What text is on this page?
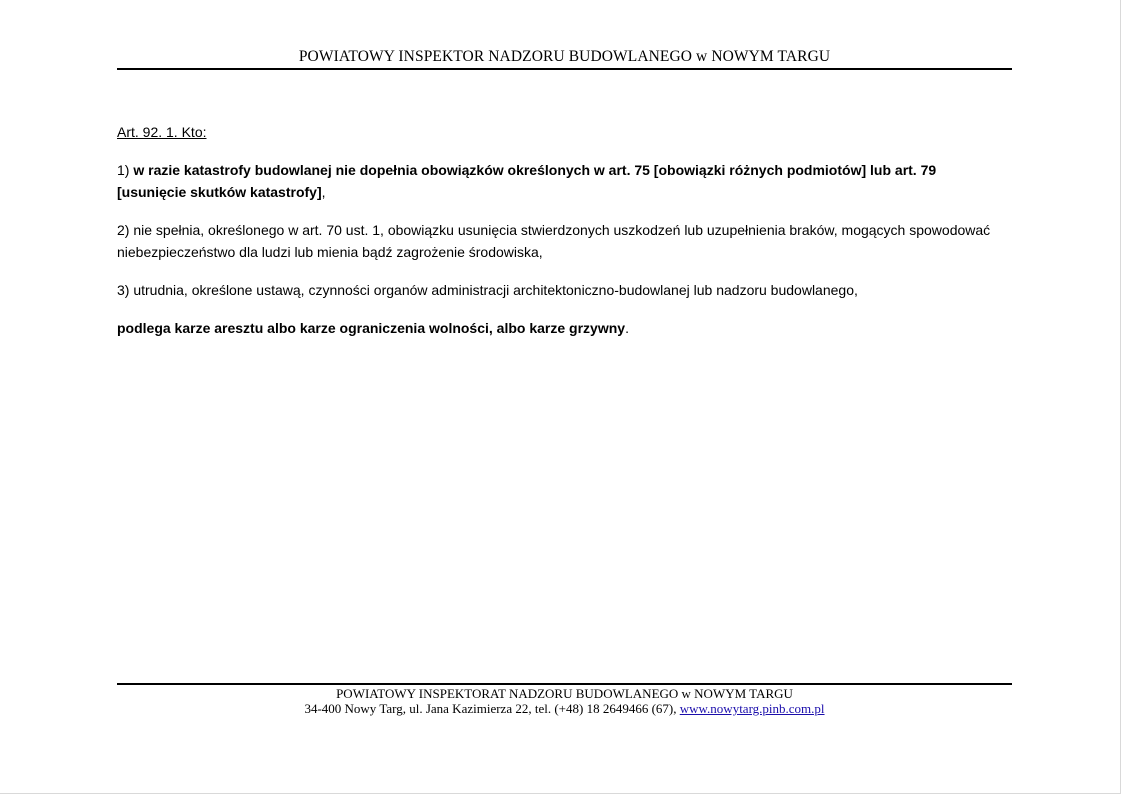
POWIATOWY INSPEKTOR NADZORU BUDOWLANEGO w NOWYM TARGU

Art. 92. 1. Kto:

1) w razie katastrofy budowlanej nie dopełnia obowiązków określonych w art. 75 [obowiązki różnych podmiotów] lub art. 79 [usunięcie skutków katastrofy],

2) nie spełnia, określonego w art. 70 ust. 1, obowiązku usunięcia stwierdzonych uszkodzeń lub uzupełnienia braków, mogących spowodować niebezpieczeństwo dla ludzi lub mienia bądź zagrożenie środowiska,

3) utrudnia, określone ustawą, czynności organów administracji architektoniczno-budowlanej lub nadzoru budowlanego,

podlega karze aresztu albo karze ograniczenia wolności, albo karze grzywny.

POWIATOWY INSPEKTORAT NADZORU BUDOWLANEGO w NOWYM TARGU
34-400 Nowy Targ, ul. Jana Kazimierza 22, tel. (+48) 18 2649466 (67), www.nowytarg.pinb.com.pl
